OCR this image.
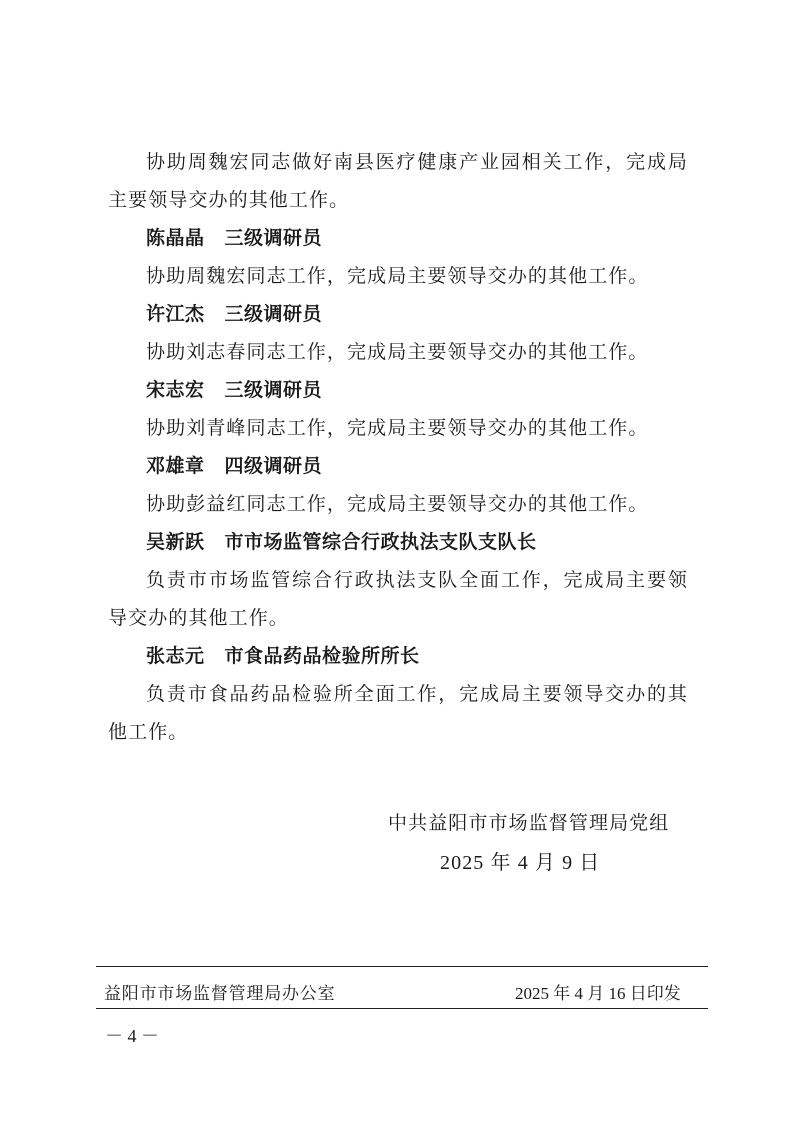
协助周魏宏同志做好南县医疗健康产业园相关工作，完成局主要领导交办的其他工作。

陈晶晶 三级调研员

协助周魏宏同志工作，完成局主要领导交办的其他工作。

许江杰 三级调研员

协助刘志春同志工作，完成局主要领导交办的其他工作。

宋志宏 三级调研员

协助刘青峰同志工作，完成局主要领导交办的其他工作。

邓雄章 四级调研员

协助彭益红同志工作，完成局主要领导交办的其他工作。

吴新跃 市市场监管综合行政执法支队支队长

负责市市场监管综合行政执法支队全面工作，完成局主要领导交办的其他工作。

张志元 市食品药品检验所所长

负责市食品药品检验所全面工作，完成局主要领导交办的其他工作。

中共益阳市市场监督管理局党组
2025 年 4 月 9 日
益阳市市场监督管理局办公室	2025 年 4 月 16 日印发
－ 4 －
